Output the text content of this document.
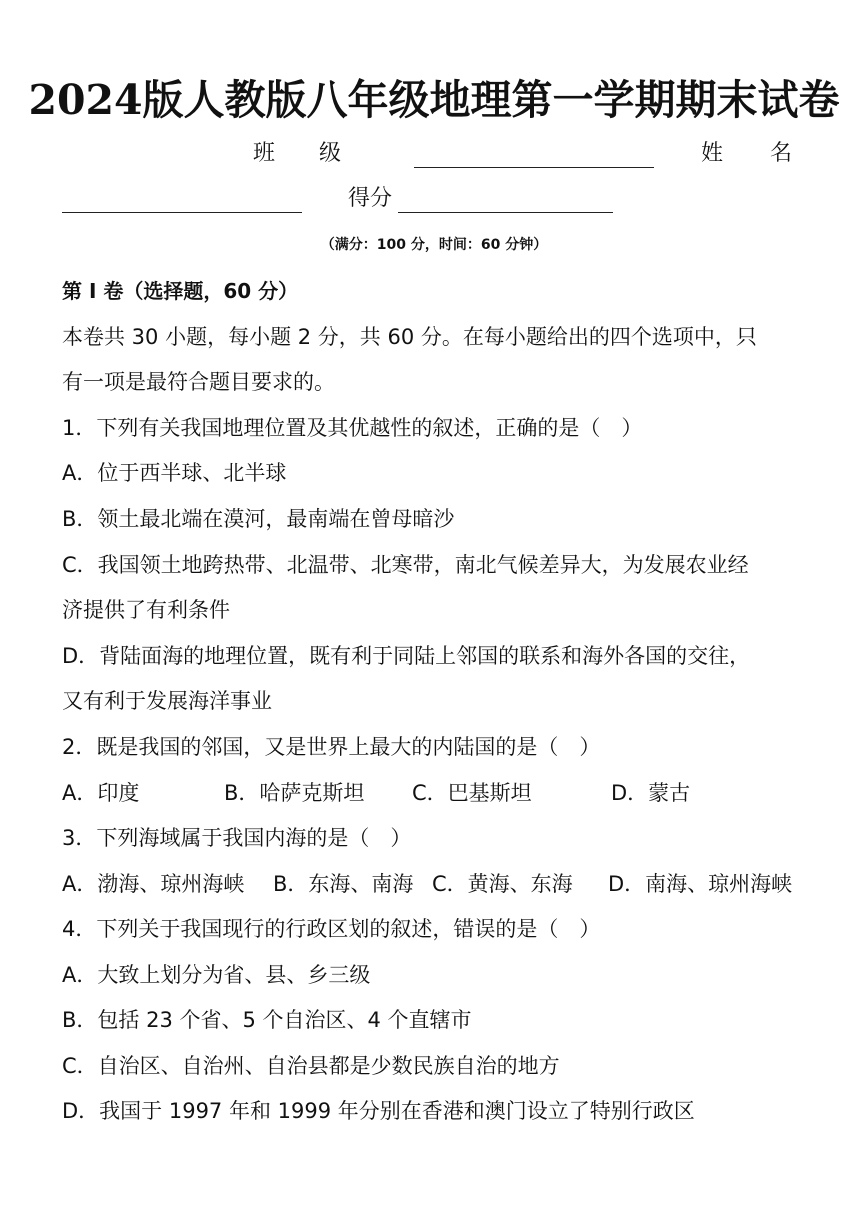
2024版人教版八年级地理第一学期期末试卷
班　　级	姓　　名
得分
（满分：100 分，时间：60 分钟）
第 I 卷（选择题，60 分）
本卷共 30 小题，每小题 2 分，共 60 分。在每小题给出的四个选项中，只
有一项是最符合题目要求的。
1．下列有关我国地理位置及其优越性的叙述，正确的是（　）
A．位于西半球、北半球
B．领土最北端在漠河，最南端在曾母暗沙
C．我国领土地跨热带、北温带、北寒带，南北气候差异大，为发展农业经
济提供了有利条件
D．背陆面海的地理位置，既有利于同陆上邻国的联系和海外各国的交往，
又有利于发展海洋事业
2．既是我国的邻国，又是世界上最大的内陆国的是（　）
A．印度	B．哈萨克斯坦 C．巴基斯坦	D．蒙古
3．下列海域属于我国内海的是（　）
A．渤海、琼州海峡 B．东海、南海 C．黄海、东海 D．南海、琼州海峡
4．下列关于我国现行的行政区划的叙述，错误的是（　）
A．大致上划分为省、县、乡三级
B．包括 23 个省、5 个自治区、4 个直辖市
C．自治区、自治州、自治县都是少数民族自治的地方
D．我国于 1997 年和 1999 年分别在香港和澳门设立了特别行政区
